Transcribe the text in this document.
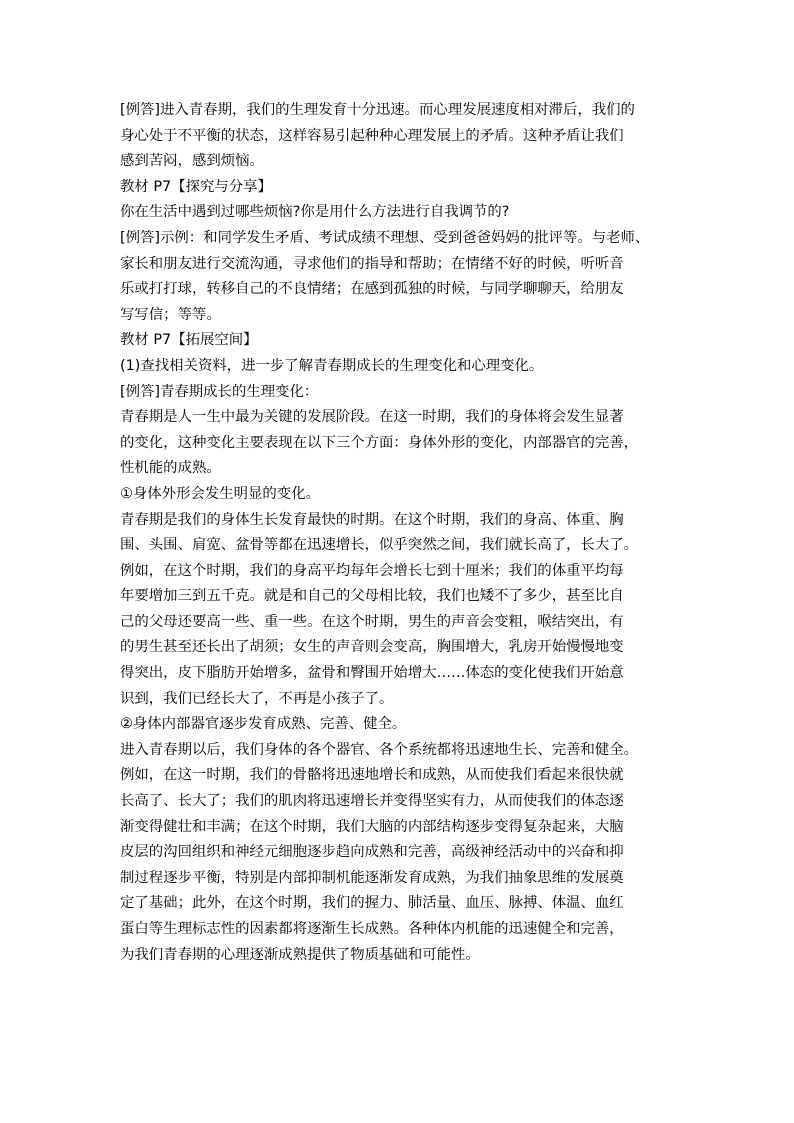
[例答]进入青春期，我们的生理发育十分迅速。而心理发展速度相对滞后，我们的
身心处于不平衡的状态，这样容易引起种种心理发展上的矛盾。这种矛盾让我们
感到苦闷，感到烦恼。
教材 P7【探究与分享】
你在生活中遇到过哪些烦恼?你是用什么方法进行自我调节的?
[例答]示例：和同学发生矛盾、考试成绩不理想、受到爸爸妈妈的批评等。与老师、
家长和朋友进行交流沟通，寻求他们的指导和帮助；在情绪不好的时候，听听音
乐或打打球，转移自己的不良情绪；在感到孤独的时候，与同学聊聊天，给朋友
写写信；等等。
教材 P7【拓展空间】
(1)查找相关资料，进一步了解青春期成长的生理变化和心理变化。
[例答]青春期成长的生理变化：
青春期是人一生中最为关键的发展阶段。在这一时期，我们的身体将会发生显著
的变化，这种变化主要表现在以下三个方面：身体外形的变化，内部器官的完善，
性机能的成熟。
①身体外形会发生明显的变化。
青春期是我们的身体生长发育最快的时期。在这个时期，我们的身高、体重、胸
围、头围、肩宽、盆骨等都在迅速增长，似乎突然之间，我们就长高了，长大了。
例如，在这个时期，我们的身高平均每年会增长七到十厘米；我们的体重平均每
年要增加三到五千克。就是和自己的父母相比较，我们也矮不了多少，甚至比自
己的父母还要高一些、重一些。在这个时期，男生的声音会变粗，喉结突出，有
的男生甚至还长出了胡须；女生的声音则会变高，胸围增大，乳房开始慢慢地变
得突出，皮下脂肪开始增多，盆骨和臀围开始增大……体态的变化使我们开始意
识到，我们已经长大了，不再是小孩子了。
②身体内部器官逐步发育成熟、完善、健全。
进入青春期以后，我们身体的各个器官、各个系统都将迅速地生长、完善和健全。
例如，在这一时期，我们的骨骼将迅速地增长和成熟，从而使我们看起来很快就
长高了、长大了；我们的肌肉将迅速增长并变得坚实有力，从而使我们的体态逐
渐变得健壮和丰满；在这个时期，我们大脑的内部结构逐步变得复杂起来，大脑
皮层的沟回组织和神经元细胞逐步趋向成熟和完善，高级神经活动中的兴奋和抑
制过程逐步平衡，特别是内部抑制机能逐渐发育成熟，为我们抽象思维的发展奠
定了基础；此外，在这个时期，我们的握力、肺活量、血压、脉搏、体温、血红
蛋白等生理标志性的因素都将逐渐生长成熟。各种体内机能的迅速健全和完善，
为我们青春期的心理逐渐成熟提供了物质基础和可能性。
